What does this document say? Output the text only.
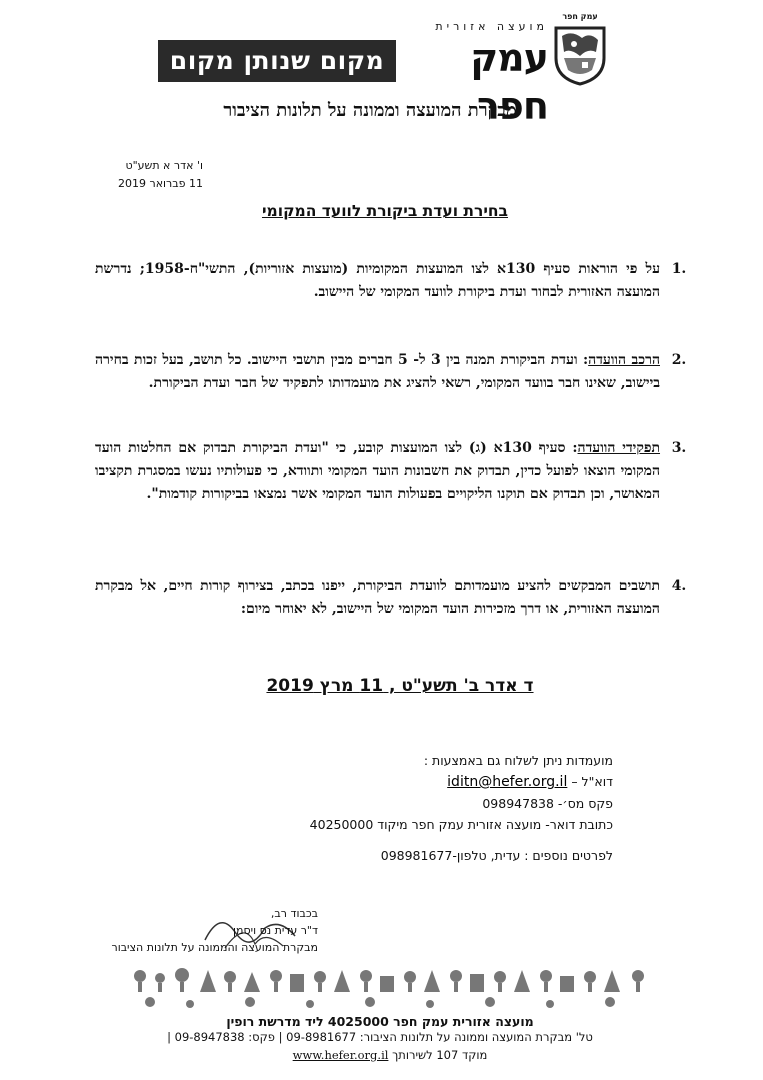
מקום שנותן מקום
מועצה אזורית
עמק חפר
עמק חפר
מבקרת המועצה וממונה על תלונות הציבור
ו' אדר א תשע"ט
11 פברואר 2019
בחירת ועדת ביקורת לוועד המקומי
1.
על פי הוראות סעיף 130א לצו המועצות המקומיות (מועצות אזוריות), התשי"ח-1958; נדרשת המועצה האזורית לבחור ועדת ביקורת לוועד המקומי של היישוב.
2.
הרכב הוועדה: ועדת הביקורת תמנה בין 3 ל- 5 חברים מבין תושבי היישוב. כל תושב, בעל זכות בחירה ביישוב, שאינו חבר בוועד המקומי, רשאי להציג את מועמדותו לתפקיד של חבר ועדת הביקורת.
3.
תפקידי הוועדה: סעיף 130א (ג) לצו המועצות קובע, כי "ועדת הביקורת תבדוק אם החלטות הועד המקומי הוצאו לפועל כדין, תבדוק את חשבונות הועד המקומי ותוודא, כי פעולותיו נעשו במסגרת תקציבו המאושר, וכן תבדוק אם תוקנו הליקויים בפעולות הועד המקומי אשר נמצאו בביקורות קודמות".
4.
תושבים המבקשים להציע מועמדותם לוועדת הביקורת, ייפנו בכתב, בצירוף קורות חיים, אל מבקרת המועצה האזורית, או דרך מזכירות הועד המקומי של היישוב, לא יאוחר מיום:
ד אדר ב' תשע"ט , 11 מרץ 2019
מועמדות ניתן לשלוח גם באמצעות :
דוא"ל – iditn@hefer.org.il
פקס מס׳- 098947838
כתובת דואר- מועצה אזורית עמק חפר מיקוד 40250000
לפרטים נוספים : עדית, טלפון-098981677
בכבוד רב,
ד"ר עדית נס ויסמן
מבקרת המועצה והממונה על תלונות הציבור
מועצה אזורית עמק חפר 4025000 ליד מדרשת רופין
טל' מבקרת המועצה וממונה על תלונות הציבור: 09-8981677 | פקס: 09-8947838 |
מוקד 107 לשירותך www.hefer.org.il
